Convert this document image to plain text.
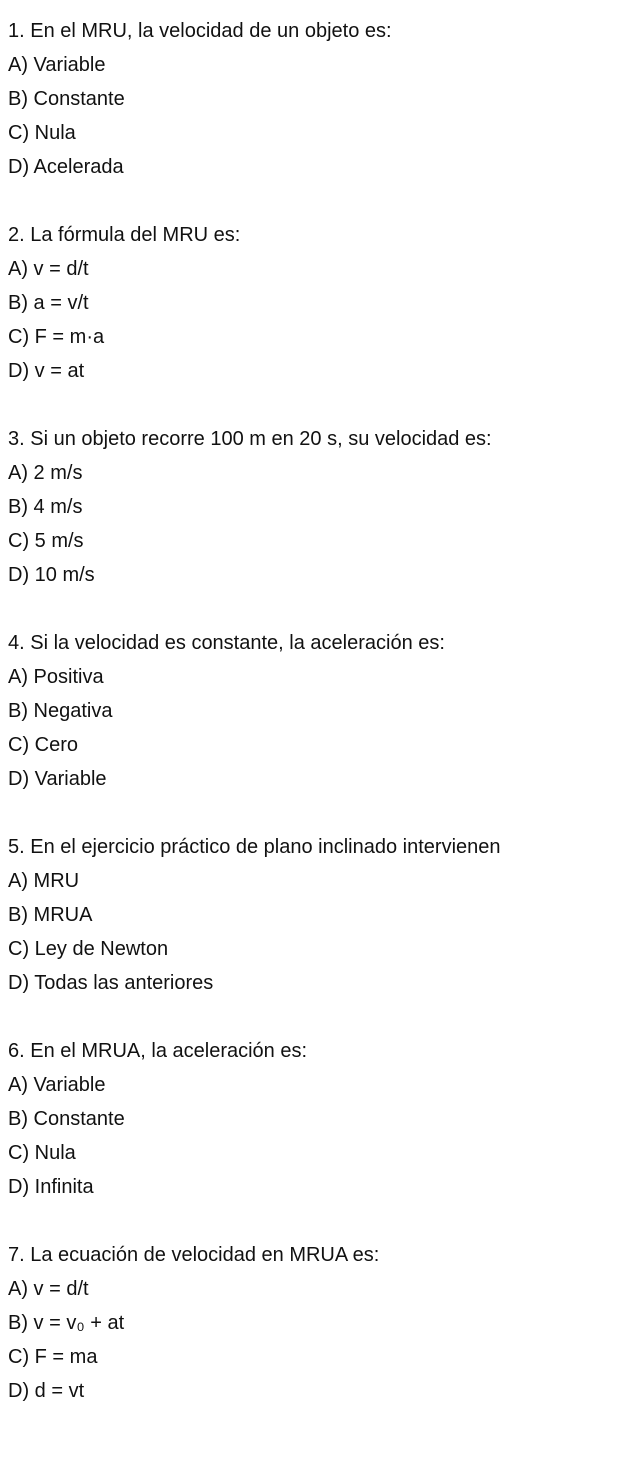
1. En el MRU, la velocidad de un objeto es:
A) Variable
B) Constante
C) Nula
D) Acelerada
2. La fórmula del MRU es:
A) v = d/t
B) a = v/t
C) F = m·a
D) v = at
3. Si un objeto recorre 100 m en 20 s, su velocidad es:
A) 2 m/s
B) 4 m/s
C) 5 m/s
D) 10 m/s
4. Si la velocidad es constante, la aceleración es:
A) Positiva
B) Negativa
C) Cero
D) Variable
5. En el ejercicio práctico de plano inclinado intervienen
A) MRU
B) MRUA
C) Ley de Newton
D) Todas las anteriores
6. En el MRUA, la aceleración es:
A) Variable
B) Constante
C) Nula
D) Infinita
7. La ecuación de velocidad en MRUA es:
A) v = d/t
B) v = v₀ + at
C) F = ma
D) d = vt
